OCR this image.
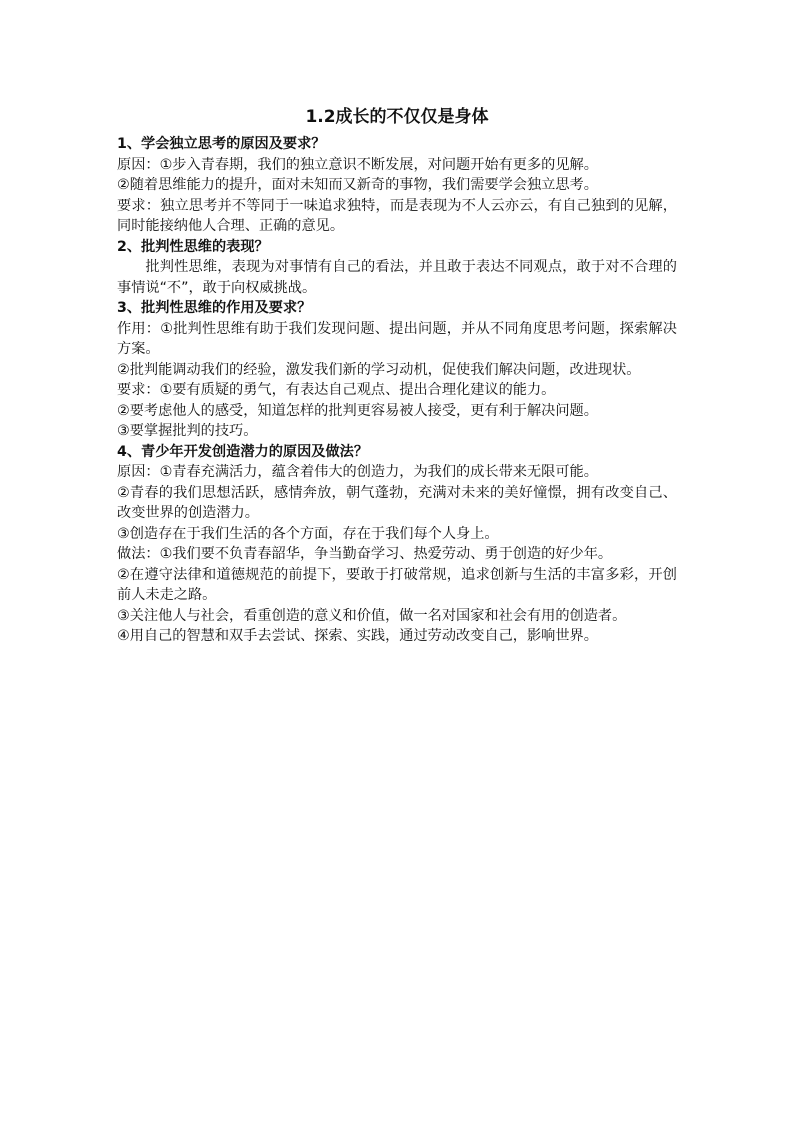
1.2成长的不仅仅是身体
1、学会独立思考的原因及要求？
原因：①步入青春期，我们的独立意识不断发展，对问题开始有更多的见解。
②随着思维能力的提升，面对未知而又新奇的事物，我们需要学会独立思考。
要求：独立思考并不等同于一味追求独特，而是表现为不人云亦云，有自己独到的见解，同时能接纳他人合理、正确的意见。
2、批判性思维的表现？
批判性思维，表现为对事情有自己的看法，并且敢于表达不同观点，敢于对不合理的事情说“不”，敢于向权威挑战。
3、批判性思维的作用及要求？
作用：①批判性思维有助于我们发现问题、提出问题，并从不同角度思考问题，探索解决方案。
②批判能调动我们的经验，激发我们新的学习动机，促使我们解决问题，改进现状。
要求：①要有质疑的勇气，有表达自己观点、提出合理化建议的能力。
②要考虑他人的感受，知道怎样的批判更容易被人接受，更有利于解决问题。
③要掌握批判的技巧。
4、青少年开发创造潜力的原因及做法？
原因：①青春充满活力，蕴含着伟大的创造力，为我们的成长带来无限可能。
②青春的我们思想活跃，感情奔放，朝气蓬勃，充满对未来的美好憧憬，拥有改变自己、改变世界的创造潜力。
③创造存在于我们生活的各个方面，存在于我们每个人身上。
做法：①我们要不负青春韶华，争当勤奋学习、热爱劳动、勇于创造的好少年。
②在遵守法律和道德规范的前提下，要敢于打破常规，追求创新与生活的丰富多彩，开创前人未走之路。
③关注他人与社会，看重创造的意义和价值，做一名对国家和社会有用的创造者。
④用自己的智慧和双手去尝试、探索、实践，通过劳动改变自己，影响世界。
